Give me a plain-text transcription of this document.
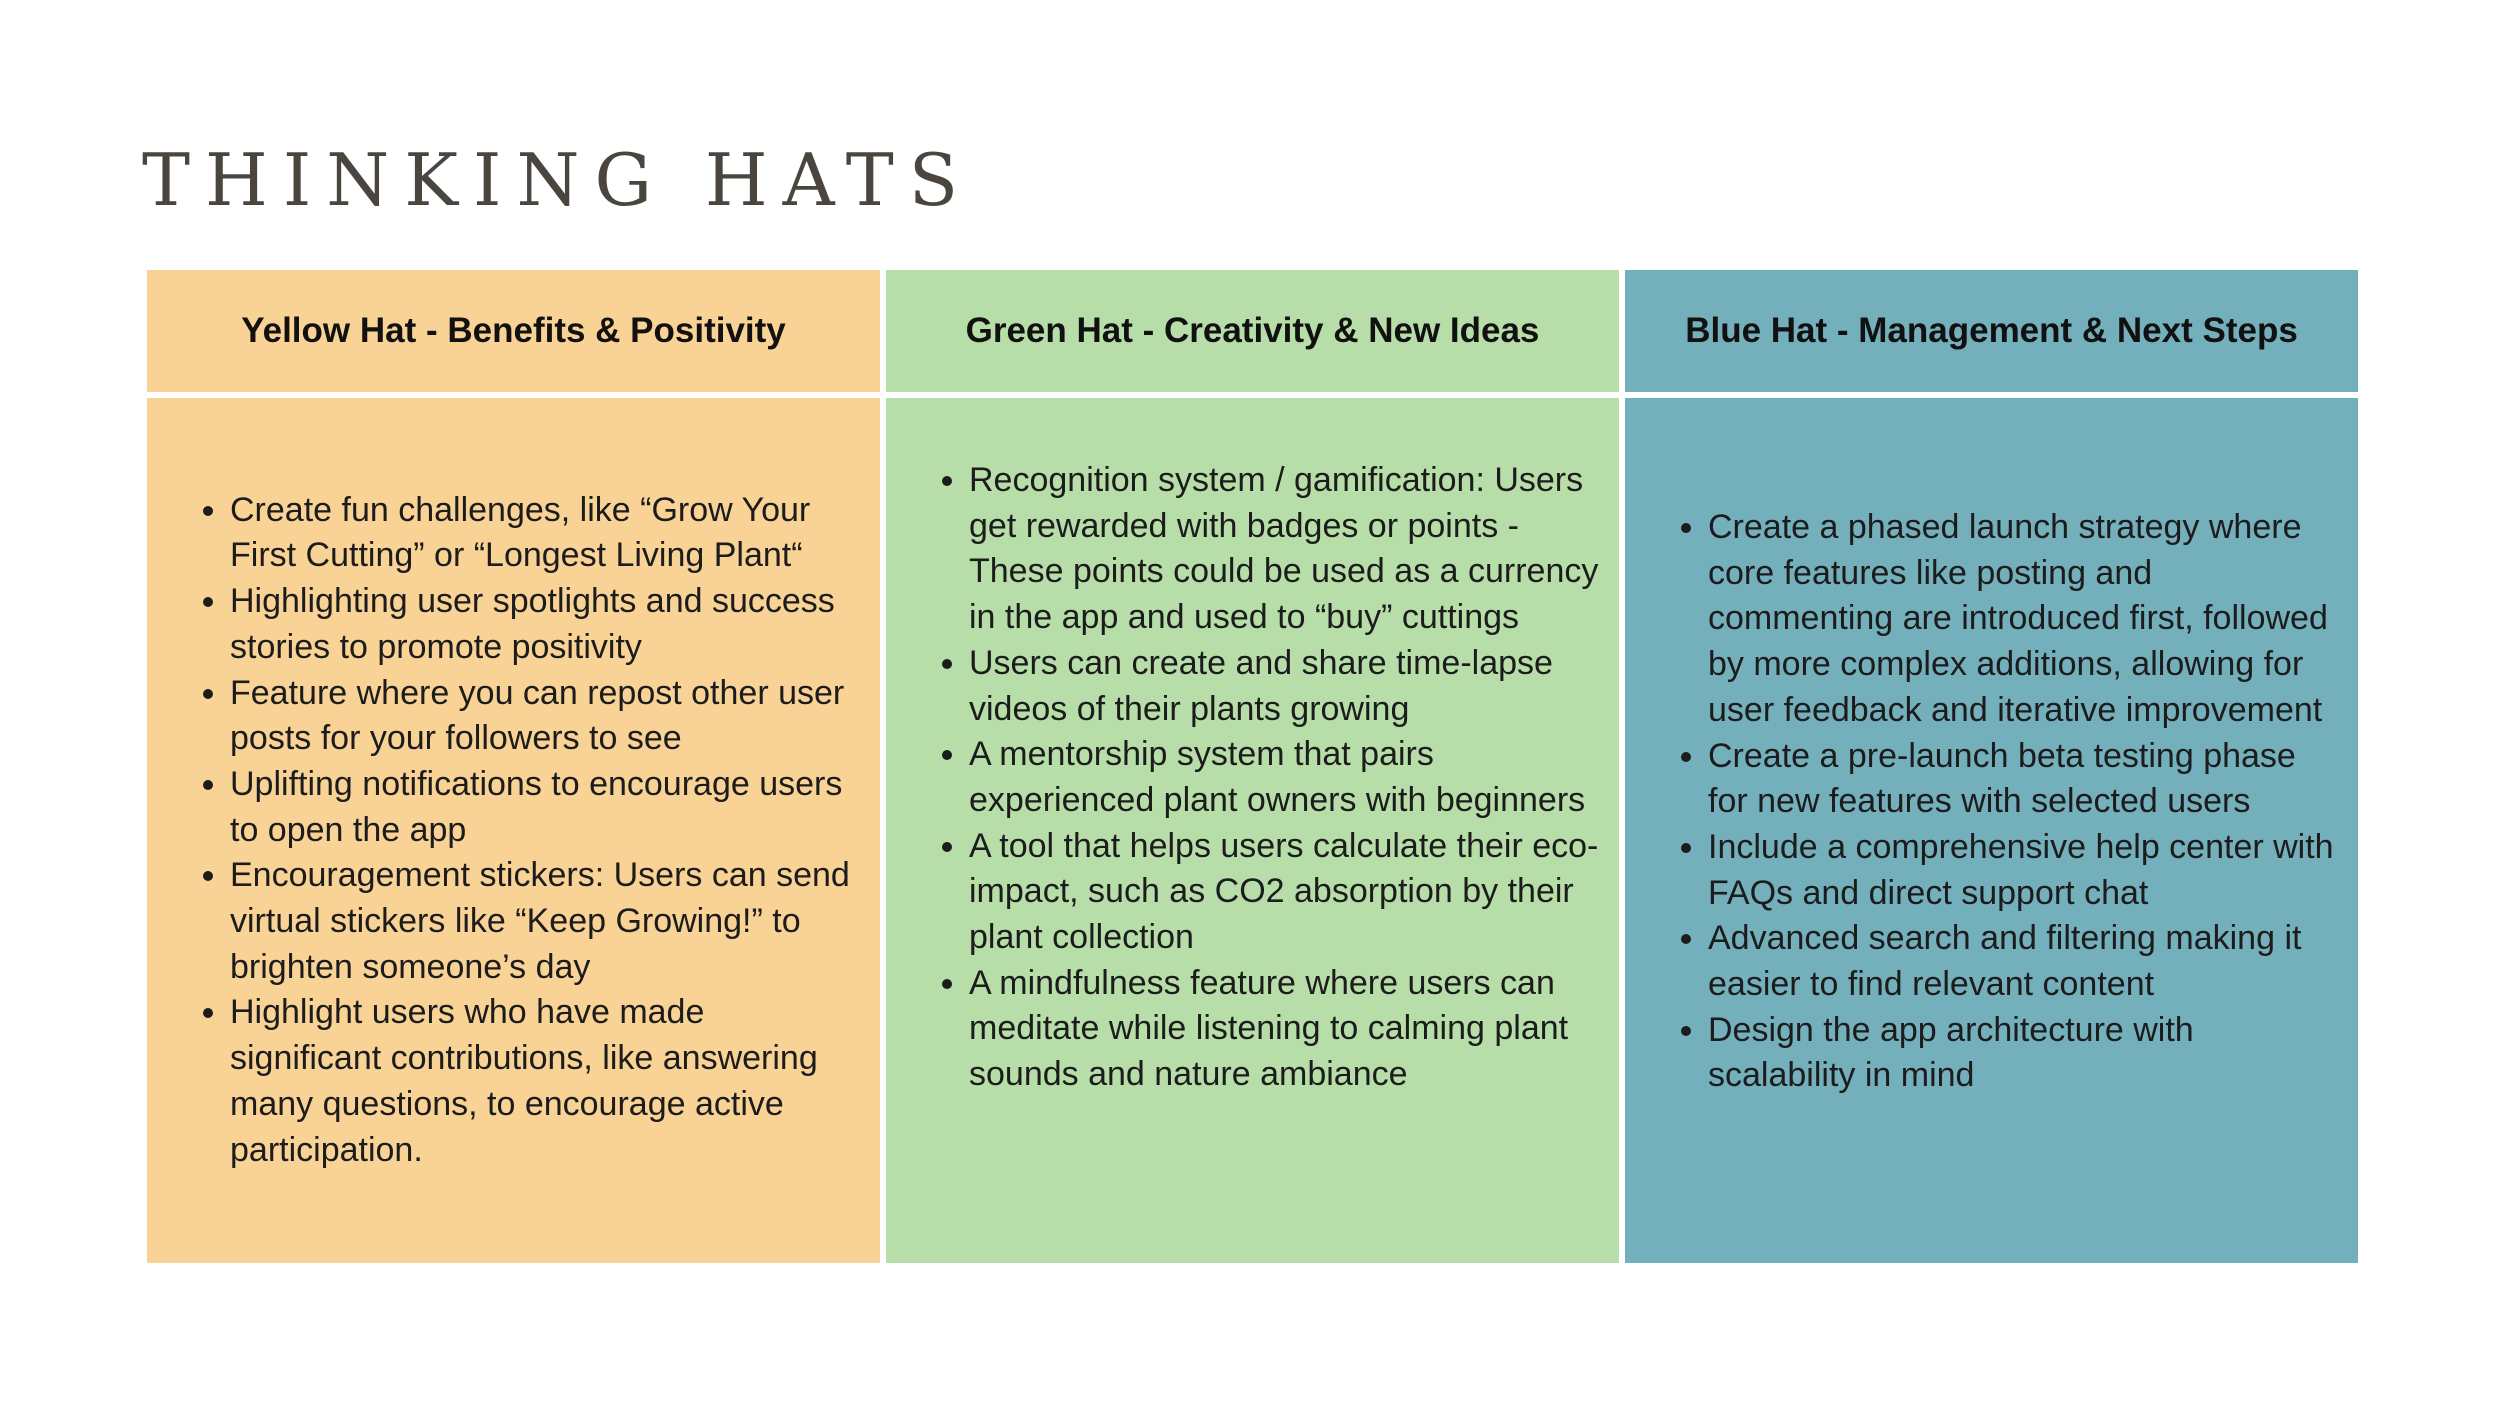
THINKING HATS
Yellow Hat - Benefits & Positivity	Green Hat - Creativity & New Ideas	Blue Hat - Management & Next Steps
• Create fun challenges, like “Grow Your First Cutting” or “Longest Living Plant“
• Highlighting user spotlights and success stories to promote positivity
• Feature where you can repost other user posts for your followers to see
• Uplifting notifications to encourage users to open the app
• Encouragement stickers: Users can send virtual stickers like “Keep Growing!” to brighten someone’s day
• Highlight users who have made significant contributions, like answering many questions, to encourage active participation.
• Recognition system / gamification: Users get rewarded with badges or points - These points could be used as a currency in the app and used to “buy” cuttings
• Users can create and share time-lapse videos of their plants growing
• A mentorship system that pairs experienced plant owners with beginners
• A tool that helps users calculate their eco-impact, such as CO2 absorption by their plant collection
• A mindfulness feature where users can meditate while listening to calming plant sounds and nature ambiance
• Create a phased launch strategy where core features like posting and commenting are introduced first, followed by more complex additions, allowing for user feedback and iterative improvement
• Create a pre-launch beta testing phase for new features with selected users
• Include a comprehensive help center with FAQs and direct support chat
• Advanced search and filtering making it easier to find relevant content
• Design the app architecture with scalability in mind
